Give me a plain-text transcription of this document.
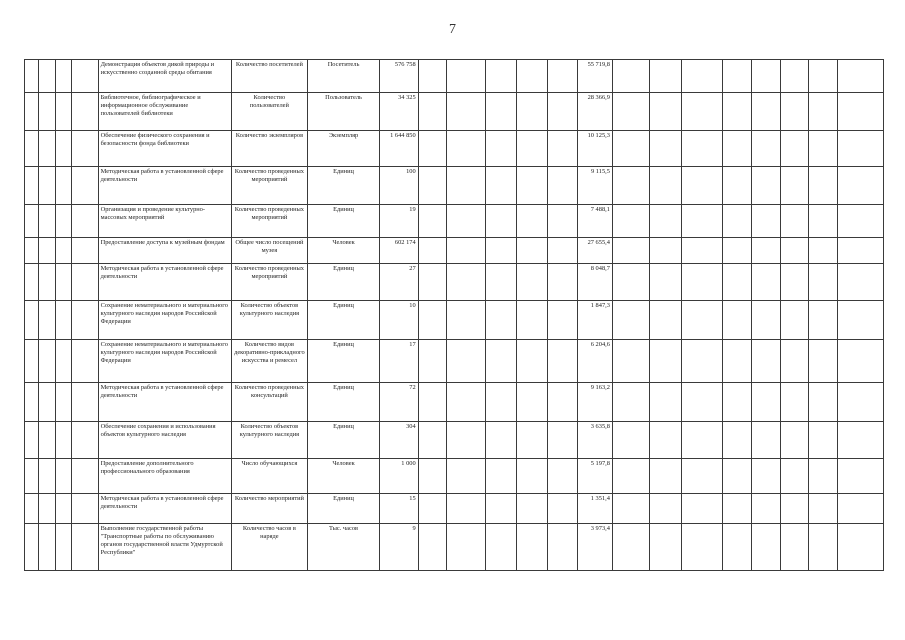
7
				Демонстрация объектов дикой природы и искусственно созданной среды обитания	Количество посетителей	Посетитель	576 758						55 719,8								
				Библиотечное, библиографическое и информационное обслуживание пользователей библиотеки	Количество пользователей	Пользователь	34 325						28 366,9								
				Обеспечение физического сохранения и безопасности фонда библиотеки	Количество экземпляров	Экземпляр	1 644 850						10 125,3								
				Методическая работа в установленной сфере деятельности	Количество проведенных мероприятий	Единиц	100						9 115,5								
				Организация и проведение культурно-массовых мероприятий	Количество проведенных мероприятий	Единиц	19						7 488,1								
				Предоставление доступа к музейным фондам	Общее число посещений музея	Человек	602 174						27 655,4								
				Методическая работа в установленной сфере деятельности	Количество проведенных мероприятий	Единиц	27						8 048,7								
				Сохранение нематериального и материального культурного наследия народов Российской Федерации	Количество объектов культурного наследия	Единиц	10						1 847,3								
				Сохранение нематериального и материального культурного наследия народов Российской Федерации	Количество видов декоративно-прикладного искусства и ремесел	Единиц	17						6 204,6								
				Методическая работа в установленной сфере деятельности	Количество проведенных консультаций	Единиц	72						9 163,2								
				Обеспечение сохранения и использования объектов культурного наследия	Количество объектов культурного наследия	Единиц	304						3 635,8								
				Предоставление дополнительного профессионального образования	Число обучающихся	Человек	1 000						5 197,8								
				Методическая работа в установленной сфере деятельности	Количество мероприятий	Единиц	15						1 351,4								
				Выполнение государственной работы "Транспортные работы по обслуживанию органов государственной власти Удмуртской Республики"	Количество часов в наряде	Тыс. часов	9						3 973,4								
